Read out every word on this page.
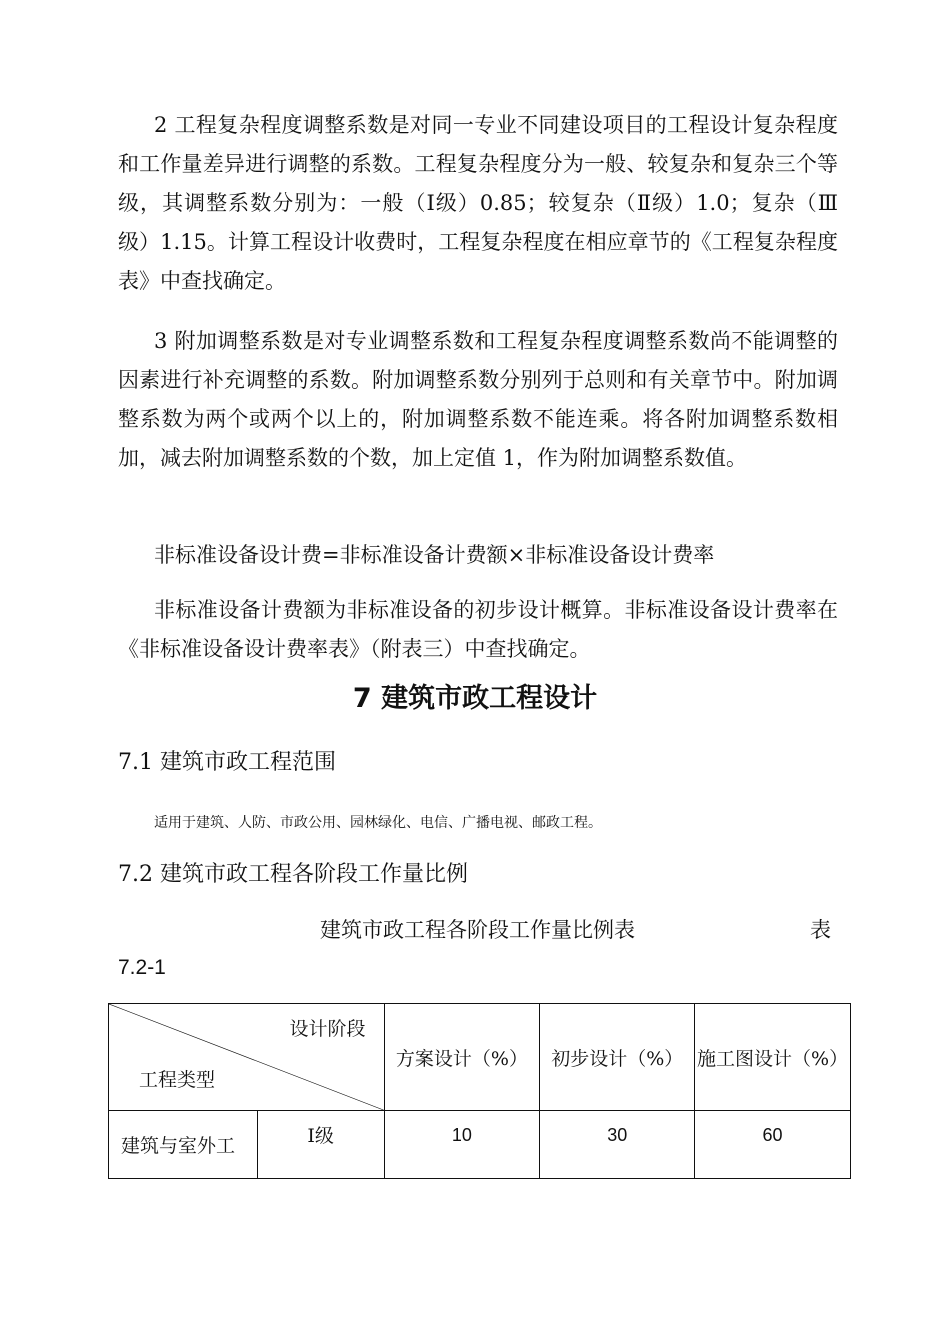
2 工程复杂程度调整系数是对同一专业不同建设项目的工程设计复杂程度和工作量差异进行调整的系数。工程复杂程度分为一般、较复杂和复杂三个等级，其调整系数分别为：一般（Ⅰ级）0.85；较复杂（Ⅱ级）1.0；复杂（Ⅲ级）1.15。计算工程设计收费时，工程复杂程度在相应章节的《工程复杂程度表》中查找确定。

3 附加调整系数是对专业调整系数和工程复杂程度调整系数尚不能调整的因素进行补充调整的系数。附加调整系数分别列于总则和有关章节中。附加调整系数为两个或两个以上的，附加调整系数不能连乘。将各附加调整系数相加，减去附加调整系数的个数，加上定值 1，作为附加调整系数值。

非标准设备设计费=非标准设备计费额×非标准设备设计费率

非标准设备计费额为非标准设备的初步设计概算。非标准设备设计费率在《非标准设备设计费率表》（附表三）中查找确定。

7 建筑市政工程设计
7.1 建筑市政工程范围

适用于建筑、人防、市政公用、园林绿化、电信、广播电视、邮政工程。

7.2 建筑市政工程各阶段工作量比例

建筑市政工程各阶段工作量比例表	表

7.2-1

设计阶段
工程类型		方案设计（%）	初步设计（%）	施工图设计（%）
建筑与室外工	Ⅰ级	10	30	60
